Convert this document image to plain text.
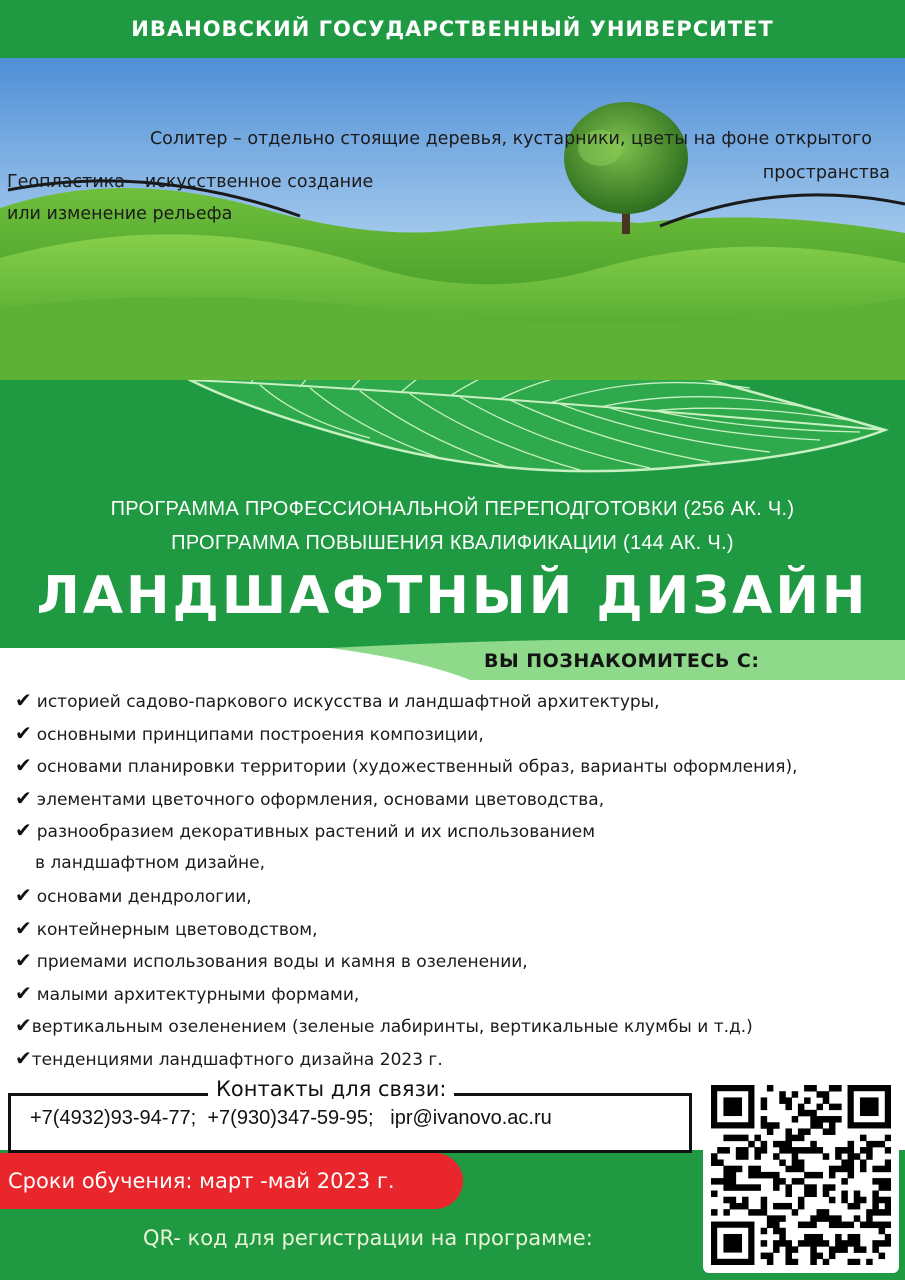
ИВАНОВСКИЙ ГОСУДАРСТВЕННЫЙ УНИВЕРСИТЕТ
Солитер – отдельно стоящие деревья, кустарники, цветы на фоне открытого
пространства
Геопластика – искусственное создание
или изменение рельефа
ПРОГРАММА ПРОФЕССИОНАЛЬНОЙ ПЕРЕПОДГОТОВКИ (256 АК. Ч.)
ПРОГРАММА ПОВЫШЕНИЯ КВАЛИФИКАЦИИ (144 АК. Ч.)
ЛАНДШАФТНЫЙ ДИЗАЙН
ВЫ ПОЗНАКОМИТЕСЬ С:
✔ историей садово-паркового искусства и ландшафтной архитектуры,
✔ основными принципами построения композиции,
✔ основами планировки территории (художественный образ, варианты оформления),
✔ элементами цветочного оформления, основами цветоводства,
✔ разнообразием декоративных растений и их использованием
в ландшафтном дизайне,
✔ основами дендрологии,
✔ контейнерным цветоводством,
✔ приемами использования воды и камня в озеленении,
✔ малыми архитектурными формами,
✔вертикальным озеленением (зеленые лабиринты, вертикальные клумбы и т.д.)
✔тенденциями ландшафтного дизайна 2023 г.
Контакты для связи:
+7(4932)93-94-77; +7(930)347-59-95; ipr@ivanovo.ac.ru
Сроки обучения: март -май 2023 г.
QR- код для регистрации на программе:
